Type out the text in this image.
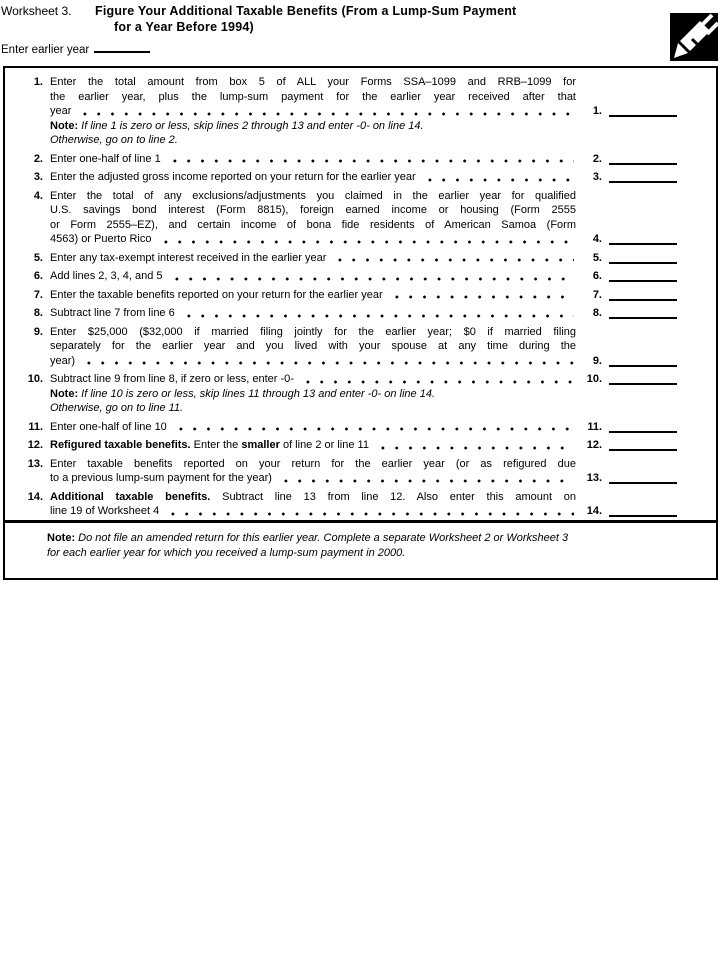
Worksheet 3.	Figure Your Additional Taxable Benefits (From a Lump-Sum Payment
for a Year Before 1994)
Enter earlier year
1. Enter the total amount from box 5 of ALL your Forms SSA–1099 and RRB–1099 for
the earlier year, plus the lump-sum payment for the earlier year received after that
year	1.
Note: If line 1 is zero or less, skip lines 2 through 13 and enter -0- on line 14.
Otherwise, go on to line 2.
2. Enter one-half of line 1	2.
3. Enter the adjusted gross income reported on your return for the earlier year	3.
4. Enter the total of any exclusions/adjustments you claimed in the earlier year for qualified
U.S. savings bond interest (Form 8815), foreign earned income or housing (Form 2555
or Form 2555–EZ), and certain income of bona fide residents of American Samoa (Form
4563) or Puerto Rico	4.
5. Enter any tax-exempt interest received in the earlier year	5.
6. Add lines 2, 3, 4, and 5	6.
7. Enter the taxable benefits reported on your return for the earlier year	7.
8. Subtract line 7 from line 6	8.
9. Enter $25,000 ($32,000 if married filing jointly for the earlier year; $0 if married filing
separately for the earlier year and you lived with your spouse at any time during the
year)	9.
10. Subtract line 9 from line 8, if zero or less, enter -0-	10.
Note: If line 10 is zero or less, skip lines 11 through 13 and enter -0- on line 14.
Otherwise, go on to line 11.
11. Enter one-half of line 10	11.
12. Refigured taxable benefits. Enter the smaller of line 2 or line 11	12.
13. Enter taxable benefits reported on your return for the earlier year (or as refigured due
to a previous lump-sum payment for the year)	13.
14. Additional taxable benefits. Subtract line 13 from line 12. Also enter this amount on
line 19 of Worksheet 4	14.
Note: Do not file an amended return for this earlier year. Complete a separate Worksheet 2 or Worksheet 3
for each earlier year for which you received a lump-sum payment in 2000.
